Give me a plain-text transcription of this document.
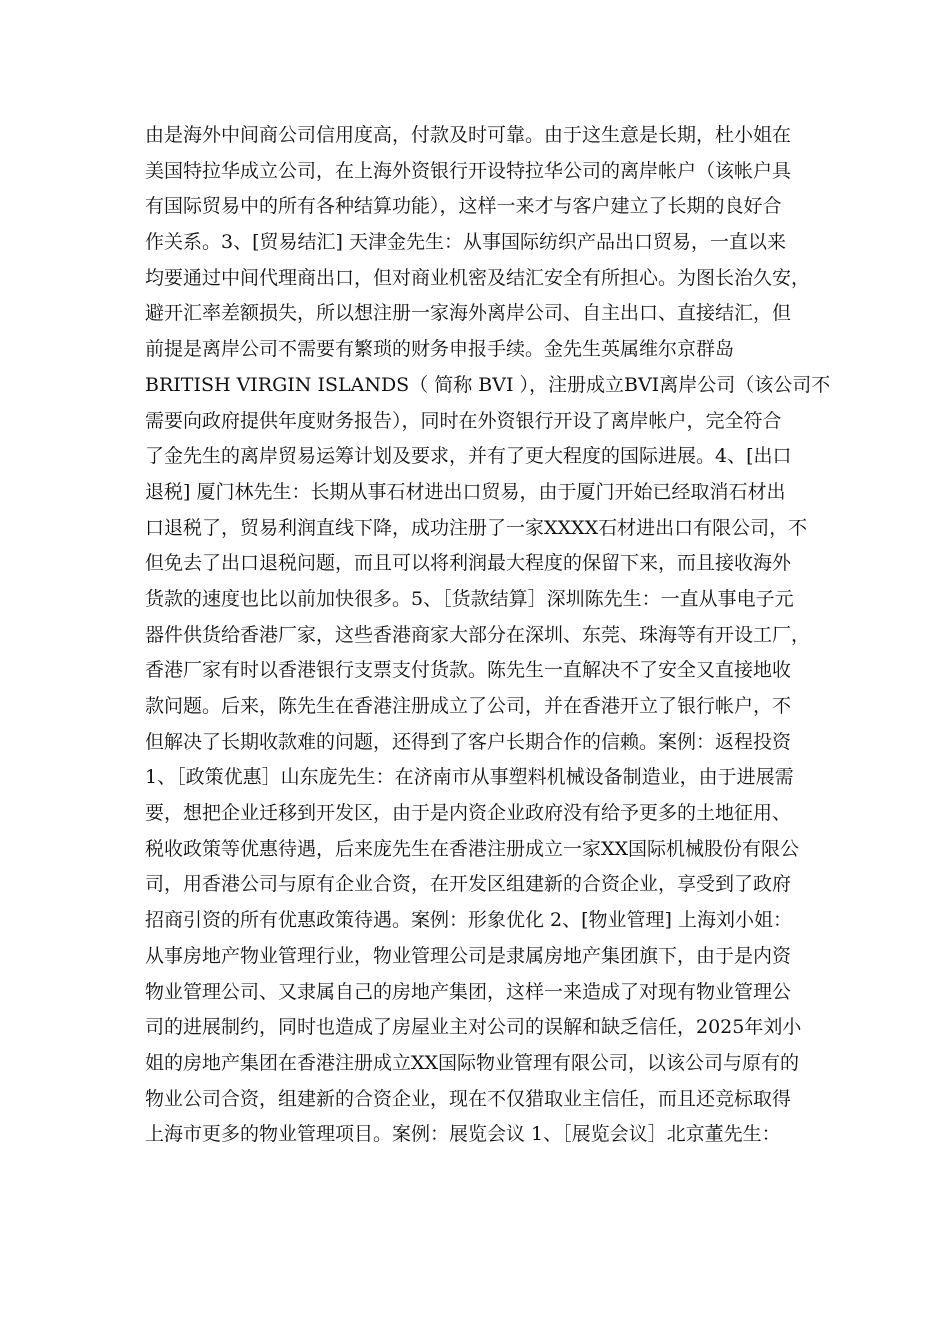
由是海外中间商公司信用度高，付款及时可靠。由于这生意是长期，杜小姐在
美国特拉华成立公司，在上海外资银行开设特拉华公司的离岸帐户（该帐户具
有国际贸易中的所有各种结算功能），这样一来才与客户建立了长期的良好合
作关系。3、[贸易结汇] 天津金先生：从事国际纺织产品出口贸易，一直以来
均要通过中间代理商出口，但对商业机密及结汇安全有所担心。为图长治久安，
避开汇率差额损失，所以想注册一家海外离岸公司、自主出口、直接结汇，但
前提是离岸公司不需要有繁琐的财务申报手续。金先生英属维尔京群岛
BRITISH VIRGIN ISLANDS（ 简称 BVI ），注册成立BVI离岸公司（该公司不
需要向政府提供年度财务报告），同时在外资银行开设了离岸帐户，完全符合
了金先生的离岸贸易运筹计划及要求，并有了更大程度的国际进展。4、[出口
退税] 厦门林先生：长期从事石材进出口贸易，由于厦门开始已经取消石材出
口退税了，贸易利润直线下降，成功注册了一家XXXX石材进出口有限公司，不
但免去了出口退税问题，而且可以将利润最大程度的保留下来，而且接收海外
货款的速度也比以前加快很多。5、［货款结算］深圳陈先生：一直从事电子元
器件供货给香港厂家，这些香港商家大部分在深圳、东莞、珠海等有开设工厂，
香港厂家有时以香港银行支票支付货款。陈先生一直解决不了安全又直接地收
款问题。后来，陈先生在香港注册成立了公司，并在香港开立了银行帐户，不
但解决了长期收款难的问题，还得到了客户长期合作的信赖。案例：返程投资
1、［政策优惠］山东庞先生：在济南市从事塑料机械设备制造业，由于进展需
要，想把企业迁移到开发区，由于是内资企业政府没有给予更多的土地征用、
税收政策等优惠待遇，后来庞先生在香港注册成立一家XX国际机械股份有限公
司，用香港公司与原有企业合资，在开发区组建新的合资企业，享受到了政府
招商引资的所有优惠政策待遇。案例：形象优化 2、[物业管理] 上海刘小姐：
从事房地产物业管理行业，物业管理公司是隶属房地产集团旗下，由于是内资
物业管理公司、又隶属自己的房地产集团，这样一来造成了对现有物业管理公
司的进展制约，同时也造成了房屋业主对公司的误解和缺乏信任，2025年刘小
姐的房地产集团在香港注册成立XX国际物业管理有限公司，以该公司与原有的
物业公司合资，组建新的合资企业，现在不仅猎取业主信任，而且还竞标取得
上海市更多的物业管理项目。案例：展览会议 1、［展览会议］北京董先生：
